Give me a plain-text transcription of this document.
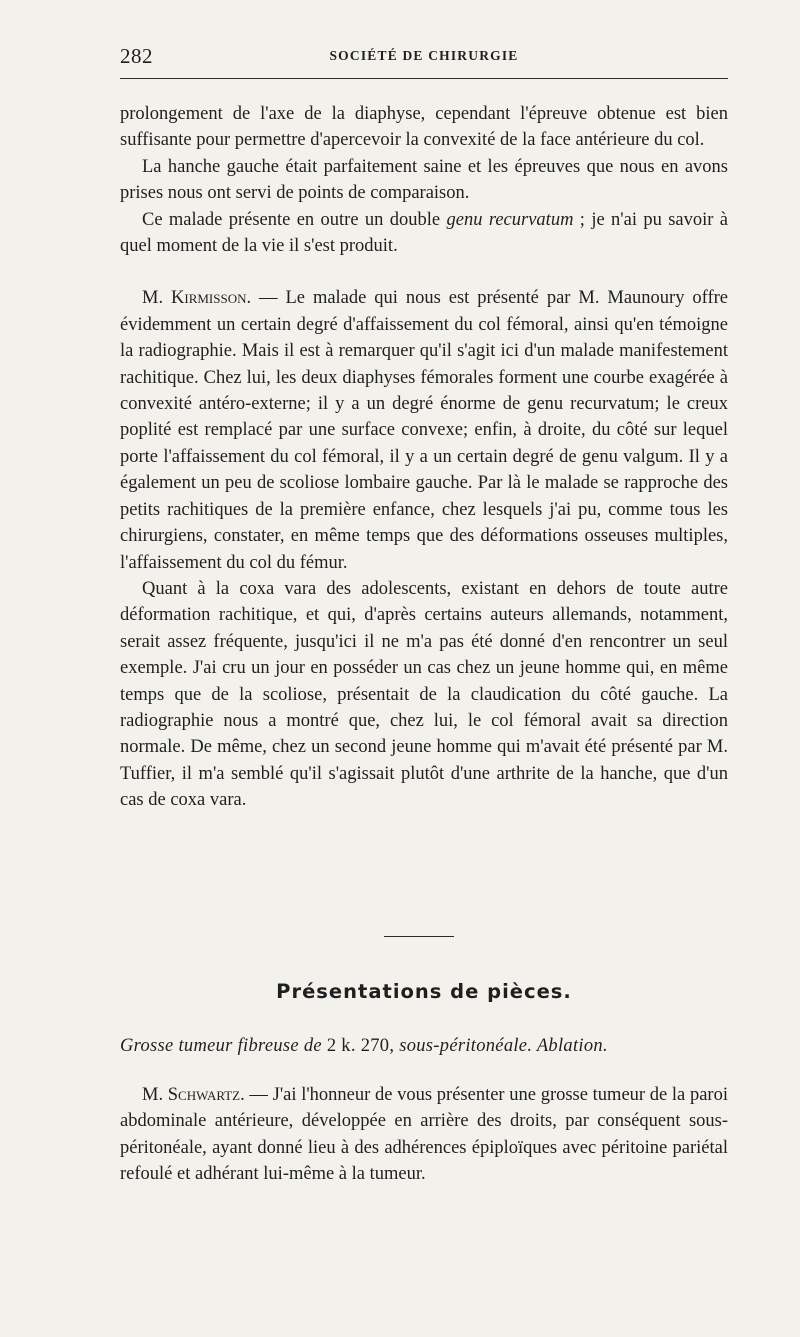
282	SOCIÉTÉ DE CHIRURGIE

prolongement de l'axe de la diaphyse, cependant l'épreuve obtenue est bien suffisante pour permettre d'apercevoir la convexité de la face antérieure du col.

La hanche gauche était parfaitement saine et les épreuves que nous en avons prises nous ont servi de points de comparaison.

Ce malade présente en outre un double genu recurvatum ; je n'ai pu savoir à quel moment de la vie il s'est produit.

M. Kirmisson. — Le malade qui nous est présenté par M. Maunoury offre évidemment un certain degré d'affaissement du col fémoral, ainsi qu'en témoigne la radiographie. Mais il est à remarquer qu'il s'agit ici d'un malade manifestement rachitique. Chez lui, les deux diaphyses fémorales forment une courbe exagérée à convexité antéro-externe; il y a un degré énorme de genu recurvatum; le creux poplité est remplacé par une surface convexe; enfin, à droite, du côté sur lequel porte l'affaissement du col fémoral, il y a un certain degré de genu valgum. Il y a également un peu de scoliose lombaire gauche. Par là le malade se rapproche des petits rachitiques de la première enfance, chez lesquels j'ai pu, comme tous les chirurgiens, constater, en même temps que des déformations osseuses multiples, l'affaissement du col du fémur.

Quant à la coxa vara des adolescents, existant en dehors de toute autre déformation rachitique, et qui, d'après certains auteurs allemands, notamment, serait assez fréquente, jusqu'ici il ne m'a pas été donné d'en rencontrer un seul exemple. J'ai cru un jour en posséder un cas chez un jeune homme qui, en même temps que de la scoliose, présentait de la claudication du côté gauche. La radiographie nous a montré que, chez lui, le col fémoral avait sa direction normale. De même, chez un second jeune homme qui m'avait été présenté par M. Tuffier, il m'a semblé qu'il s'agissait plutôt d'une arthrite de la hanche, que d'un cas de coxa vara.

Présentations de pièces.
Grosse tumeur fibreuse de 2 k. 270, sous-péritonéale. Ablation.

M. Schwartz. — J'ai l'honneur de vous présenter une grosse tumeur de la paroi abdominale antérieure, développée en arrière des droits, par conséquent sous-péritonéale, ayant donné lieu à des adhérences épiploïques avec péritoine pariétal refoulé et adhérant lui-même à la tumeur.
